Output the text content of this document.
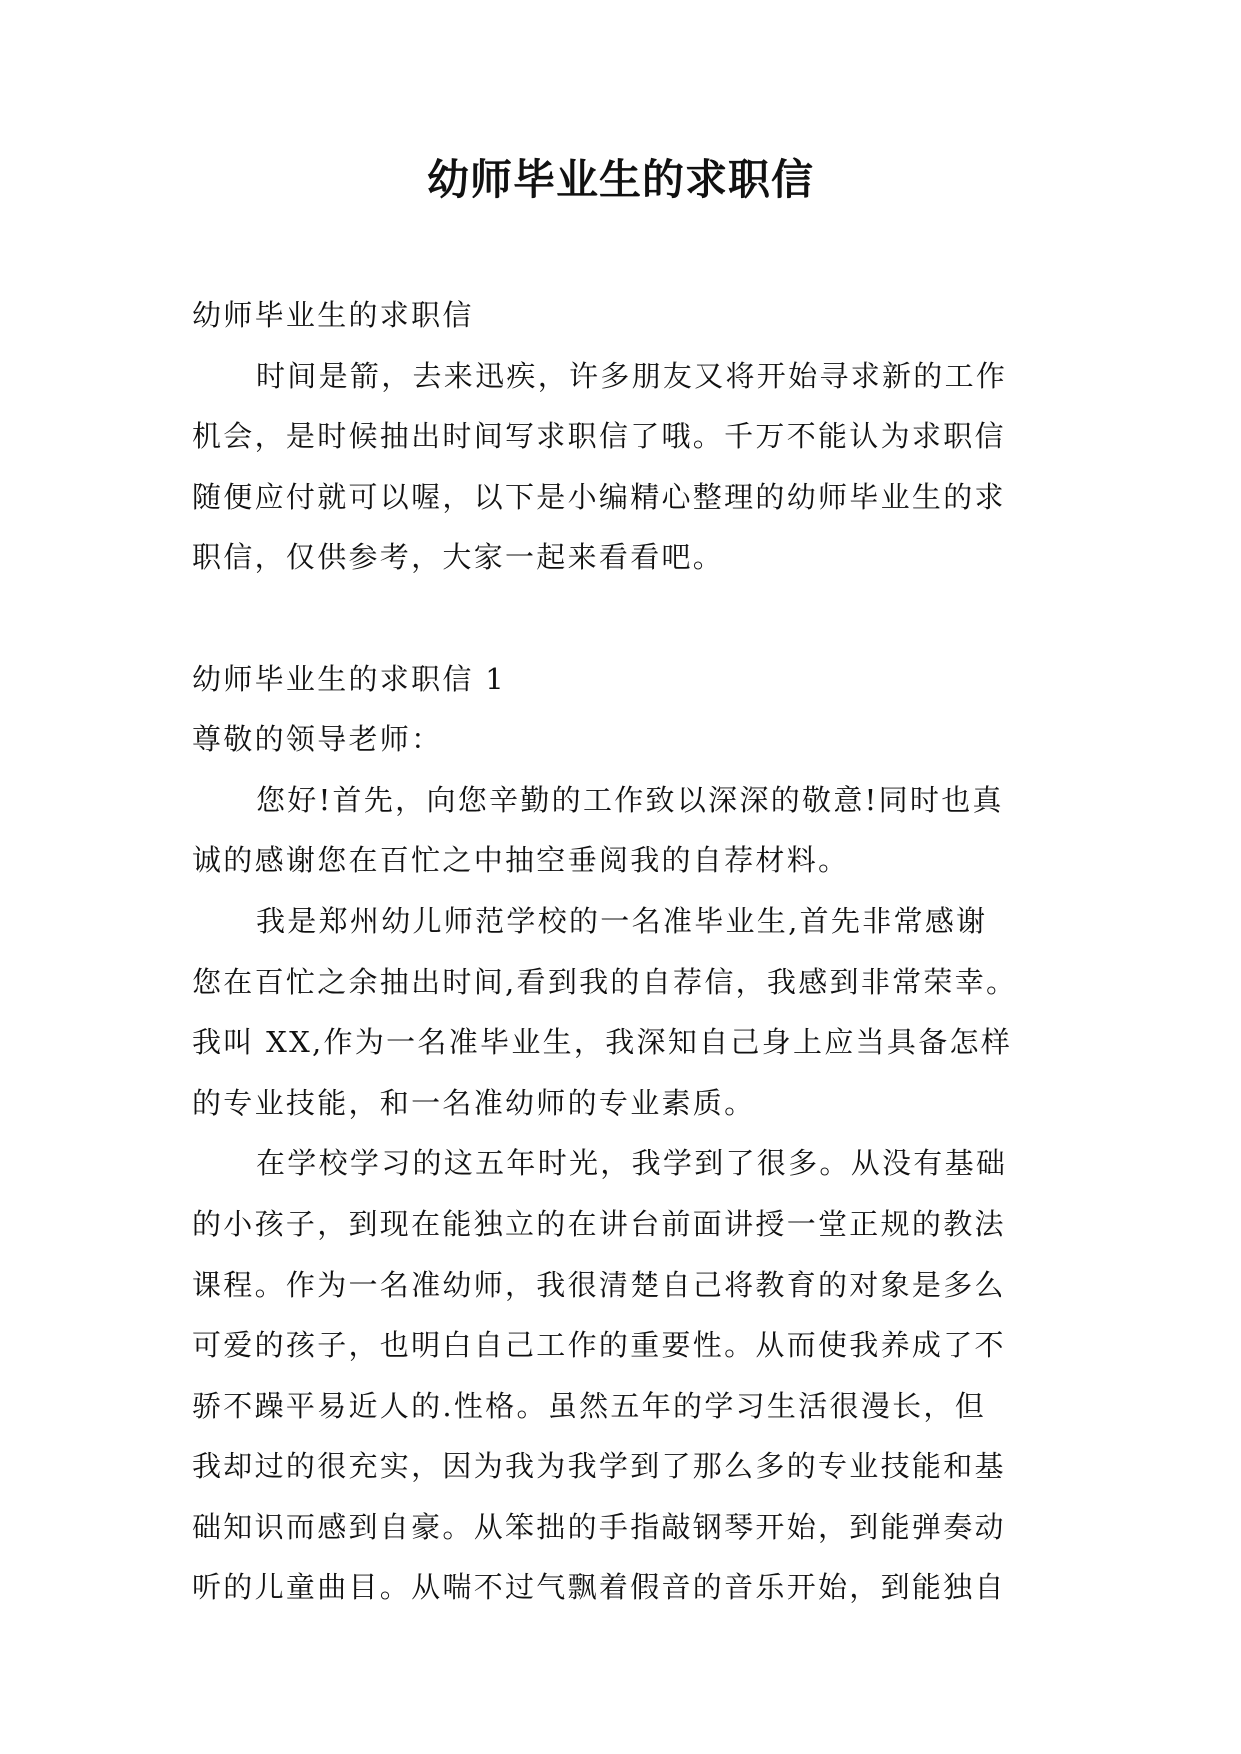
幼师毕业生的求职信
幼师毕业生的求职信
时间是箭，去来迅疾，许多朋友又将开始寻求新的工作
机会，是时候抽出时间写求职信了哦。千万不能认为求职信
随便应付就可以喔，以下是小编精心整理的幼师毕业生的求
职信，仅供参考，大家一起来看看吧。
幼师毕业生的求职信 1
尊敬的领导老师：
您好!首先，向您辛勤的工作致以深深的敬意!同时也真
诚的感谢您在百忙之中抽空垂阅我的自荐材料。
我是郑州幼儿师范学校的一名准毕业生,首先非常感谢
您在百忙之余抽出时间,看到我的自荐信，我感到非常荣幸。
我叫 XX,作为一名准毕业生，我深知自己身上应当具备怎样
的专业技能，和一名准幼师的专业素质。
在学校学习的这五年时光，我学到了很多。从没有基础
的小孩子，到现在能独立的在讲台前面讲授一堂正规的教法
课程。作为一名准幼师，我很清楚自己将教育的对象是多么
可爱的孩子，也明白自己工作的重要性。从而使我养成了不
骄不躁平易近人的.性格。虽然五年的学习生活很漫长，但
我却过的很充实，因为我为我学到了那么多的专业技能和基
础知识而感到自豪。从笨拙的手指敲钢琴开始，到能弹奏动
听的儿童曲目。从喘不过气飘着假音的音乐开始，到能独自
